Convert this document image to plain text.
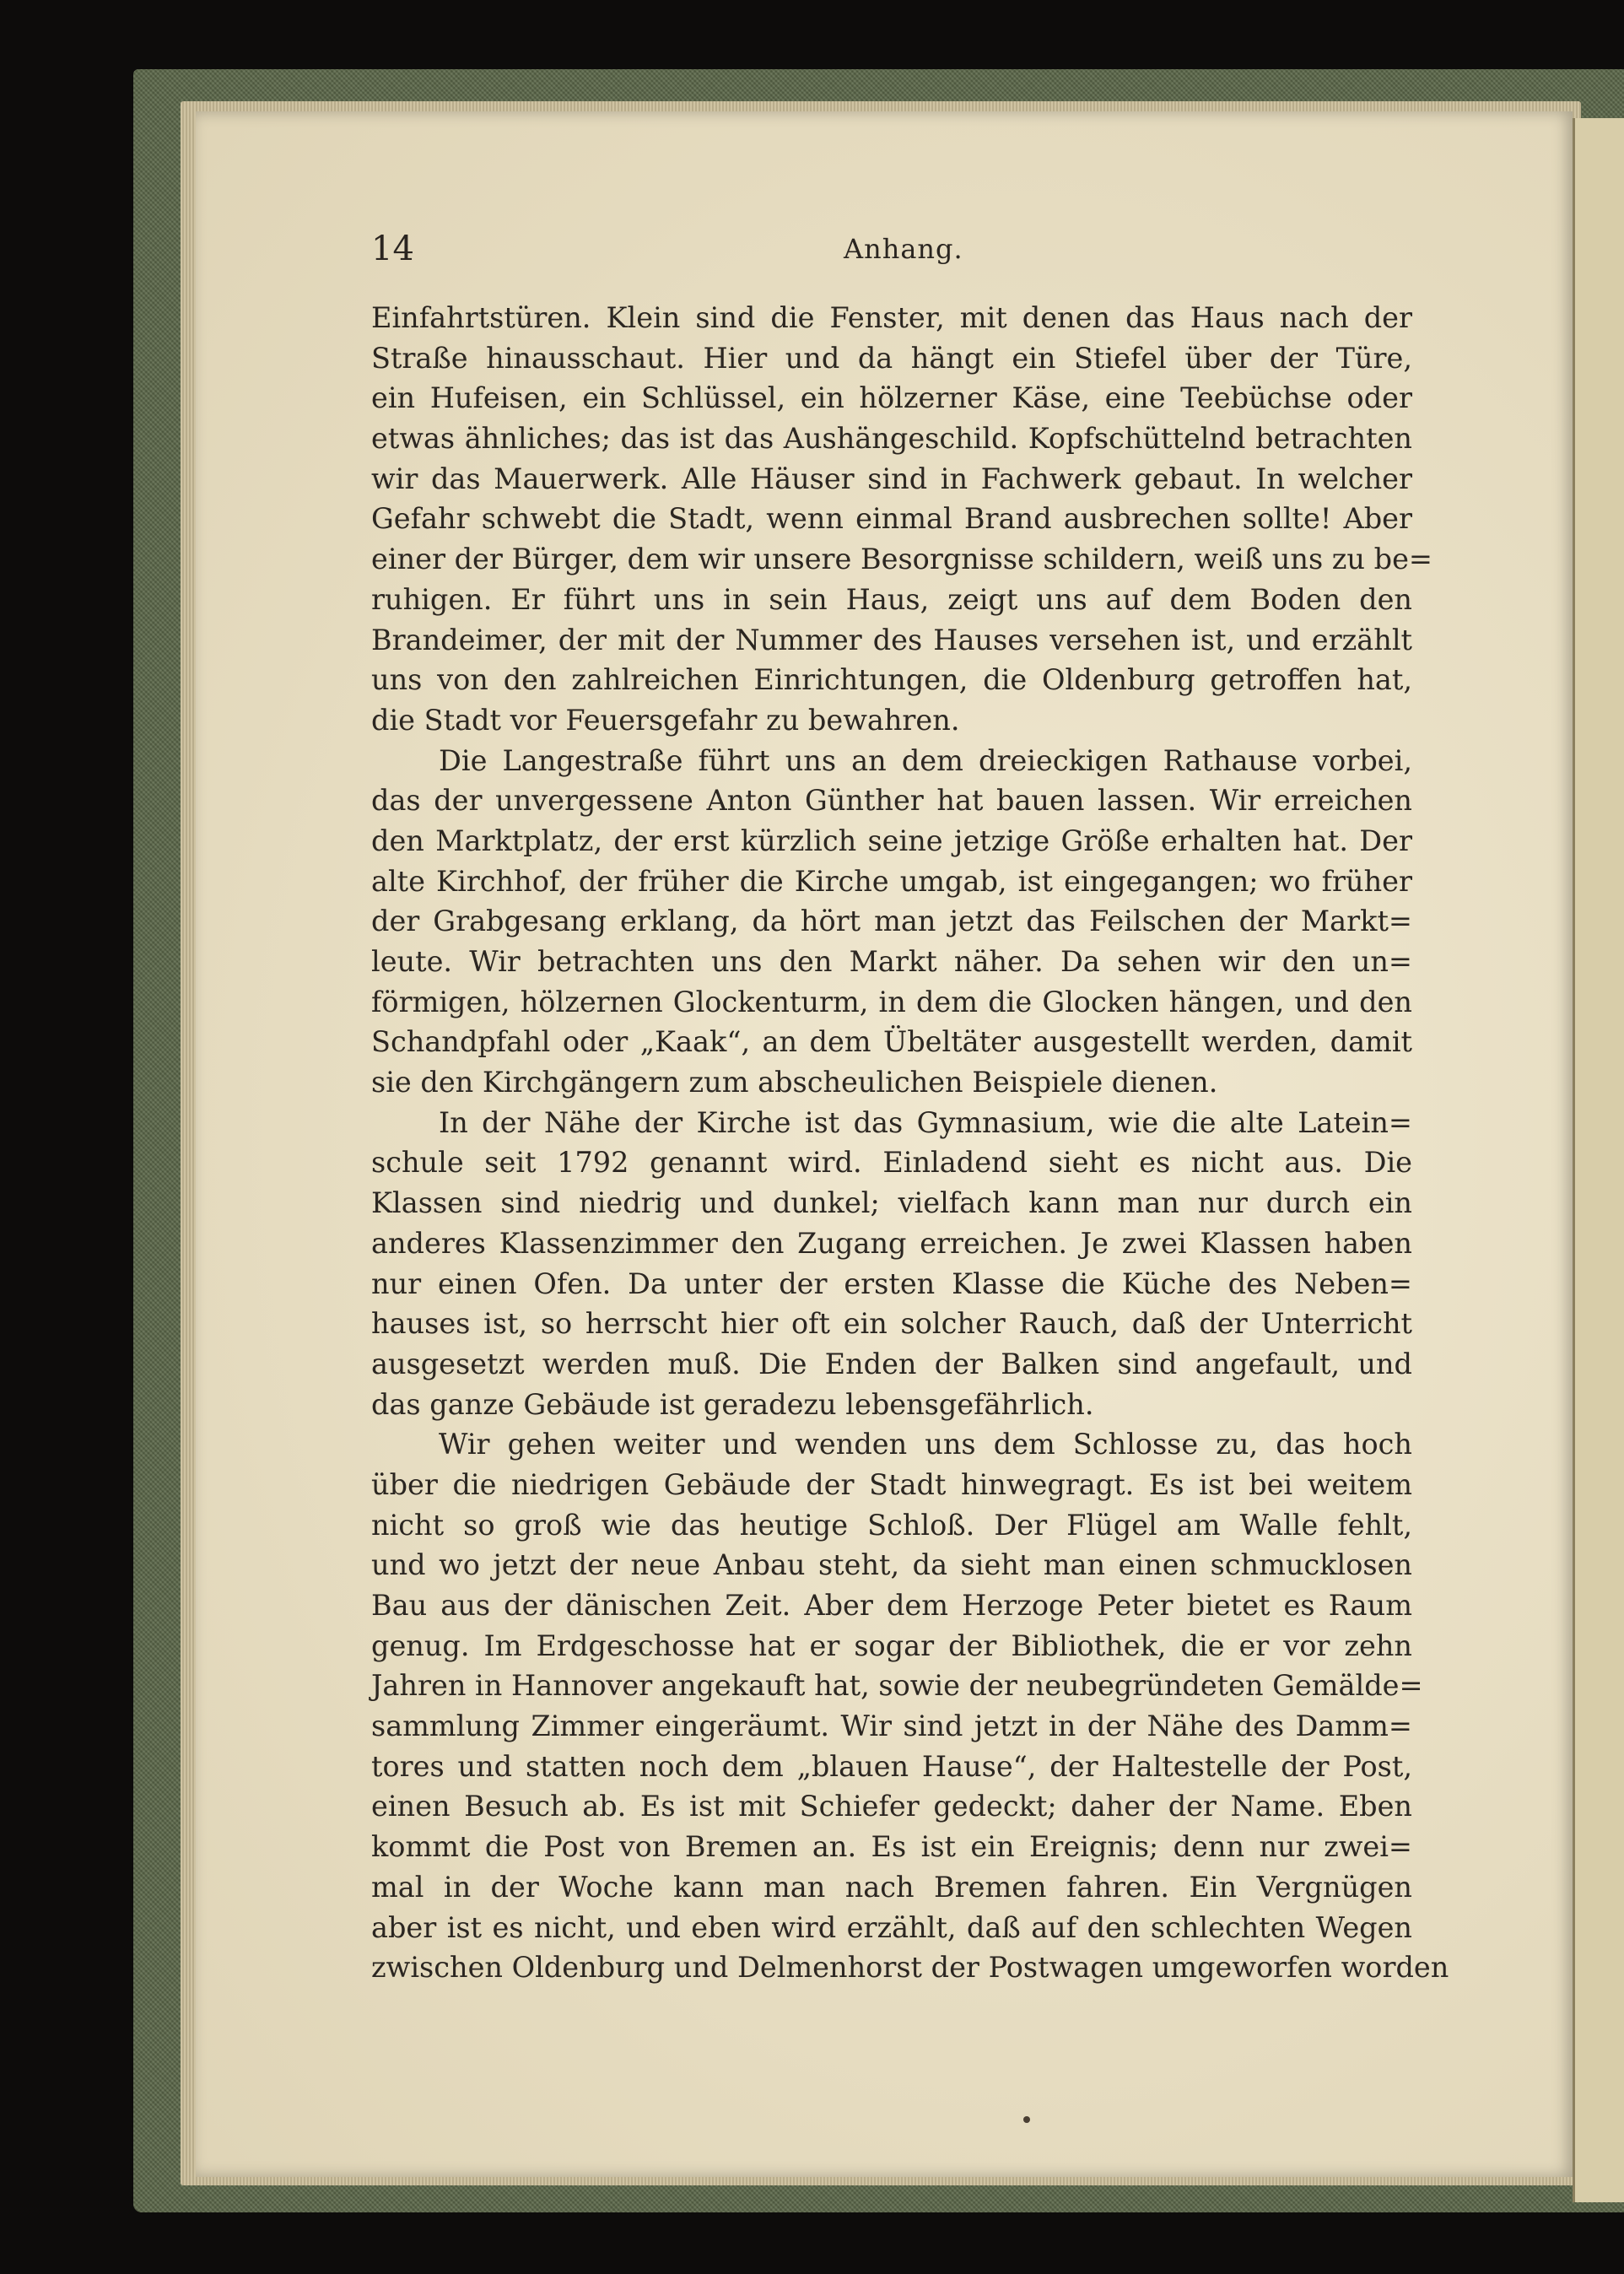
14	Anhang.
Einfahrtstüren. Klein sind die Fenster, mit denen das Haus nach der
Straße hinausschaut. Hier und da hängt ein Stiefel über der Türe,
ein Hufeisen, ein Schlüssel, ein hölzerner Käse, eine Teebüchse oder
etwas ähnliches; das ist das Aushängeschild. Kopfschüttelnd betrachten
wir das Mauerwerk. Alle Häuser sind in Fachwerk gebaut. In welcher
Gefahr schwebt die Stadt, wenn einmal Brand ausbrechen sollte! Aber
einer der Bürger, dem wir unsere Besorgnisse schildern, weiß uns zu be=
ruhigen. Er führt uns in sein Haus, zeigt uns auf dem Boden den
Brandeimer, der mit der Nummer des Hauses versehen ist, und erzählt
uns von den zahlreichen Einrichtungen, die Oldenburg getroffen hat,
die Stadt vor Feuersgefahr zu bewahren.
Die Langestraße führt uns an dem dreieckigen Rathause vorbei,
das der unvergessene Anton Günther hat bauen lassen. Wir erreichen
den Marktplatz, der erst kürzlich seine jetzige Größe erhalten hat. Der
alte Kirchhof, der früher die Kirche umgab, ist eingegangen; wo früher
der Grabgesang erklang, da hört man jetzt das Feilschen der Markt=
leute. Wir betrachten uns den Markt näher. Da sehen wir den un=
förmigen, hölzernen Glockenturm, in dem die Glocken hängen, und den
Schandpfahl oder „Kaak“, an dem Übeltäter ausgestellt werden, damit
sie den Kirchgängern zum abscheulichen Beispiele dienen.
In der Nähe der Kirche ist das Gymnasium, wie die alte Latein=
schule seit 1792 genannt wird. Einladend sieht es nicht aus. Die
Klassen sind niedrig und dunkel; vielfach kann man nur durch ein
anderes Klassenzimmer den Zugang erreichen. Je zwei Klassen haben
nur einen Ofen. Da unter der ersten Klasse die Küche des Neben=
hauses ist, so herrscht hier oft ein solcher Rauch, daß der Unterricht
ausgesetzt werden muß. Die Enden der Balken sind angefault, und
das ganze Gebäude ist geradezu lebensgefährlich.
Wir gehen weiter und wenden uns dem Schlosse zu, das hoch
über die niedrigen Gebäude der Stadt hinwegragt. Es ist bei weitem
nicht so groß wie das heutige Schloß. Der Flügel am Walle fehlt,
und wo jetzt der neue Anbau steht, da sieht man einen schmucklosen
Bau aus der dänischen Zeit. Aber dem Herzoge Peter bietet es Raum
genug. Im Erdgeschosse hat er sogar der Bibliothek, die er vor zehn
Jahren in Hannover angekauft hat, sowie der neubegründeten Gemälde=
sammlung Zimmer eingeräumt. Wir sind jetzt in der Nähe des Damm=
tores und statten noch dem „blauen Hause“, der Haltestelle der Post,
einen Besuch ab. Es ist mit Schiefer gedeckt; daher der Name. Eben
kommt die Post von Bremen an. Es ist ein Ereignis; denn nur zwei=
mal in der Woche kann man nach Bremen fahren. Ein Vergnügen
aber ist es nicht, und eben wird erzählt, daß auf den schlechten Wegen
zwischen Oldenburg und Delmenhorst der Postwagen umgeworfen worden
